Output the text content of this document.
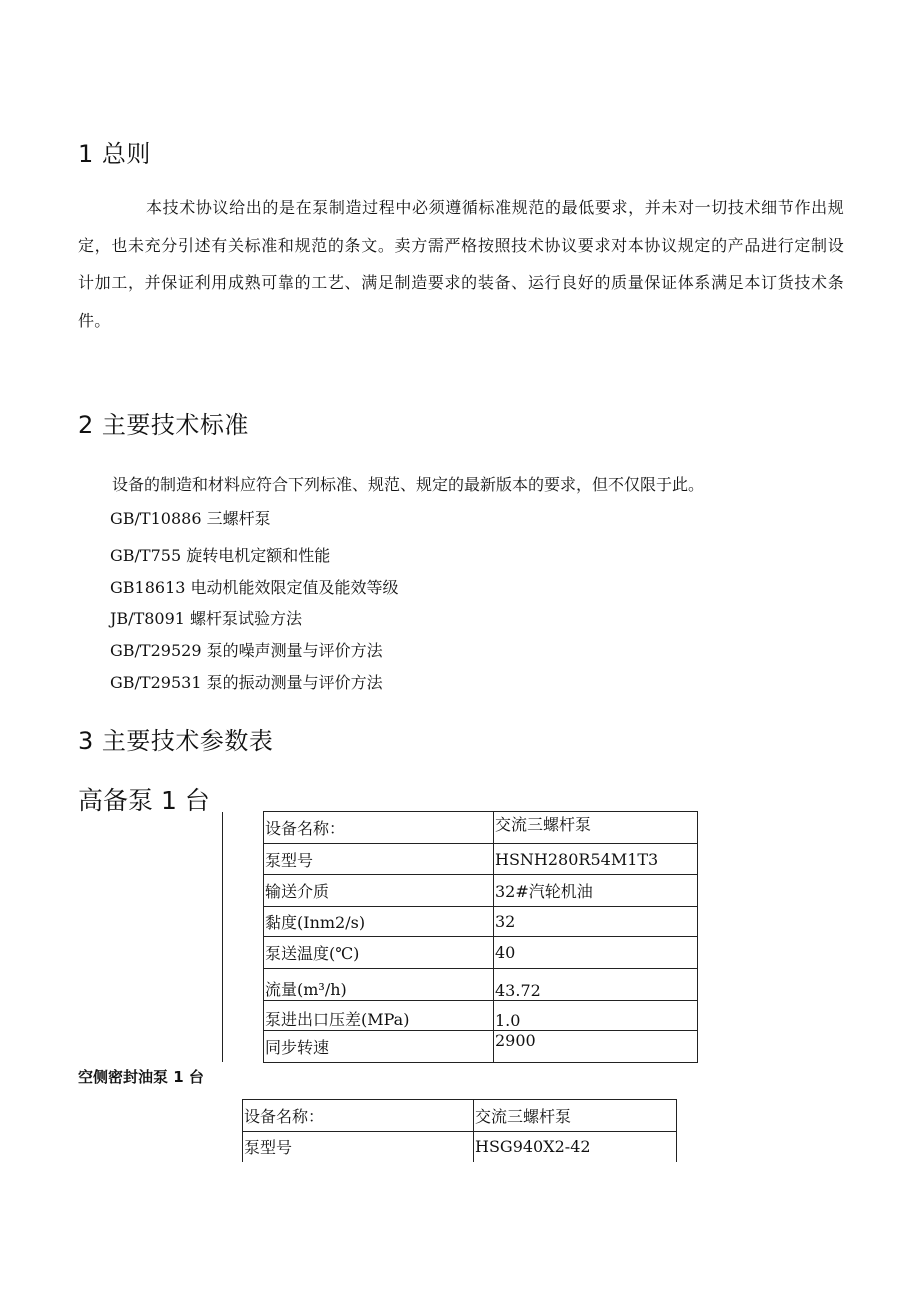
1 总则
本技术协议给出的是在泵制造过程中必须遵循标准规范的最低要求，并未对一切技术细节作出规定，也未充分引述有关标准和规范的条文。卖方需严格按照技术协议要求对本协议规定的产品进行定制设计加工，并保证利用成熟可靠的工艺、满足制造要求的装备、运行良好的质量保证体系满足本订货技术条件。
2 主要技术标准
设备的制造和材料应符合下列标准、规范、规定的最新版本的要求，但不仅限于此。
GB/T10886 三螺杆泵
GB/T755 旋转电机定额和性能
GB18613 电动机能效限定值及能效等级
JB/T8091 螺杆泵试验方法
GB/T29529 泵的噪声测量与评价方法
GB/T29531 泵的振动测量与评价方法
3 主要技术参数表
高备泵 1 台
设备名称：	交流三螺杆泵
泵型号	HSNH280R54M1T3
输送介质	32#汽轮机油
黏度(Inm2/s)	32
泵送温度(℃)	40
流量(m³/h)	43.72
泵进出口压差(MPa)	1.0
同步转速	2900
空侧密封油泵 1 台
设备名称：	交流三螺杆泵
泵型号	HSG940X2-42
